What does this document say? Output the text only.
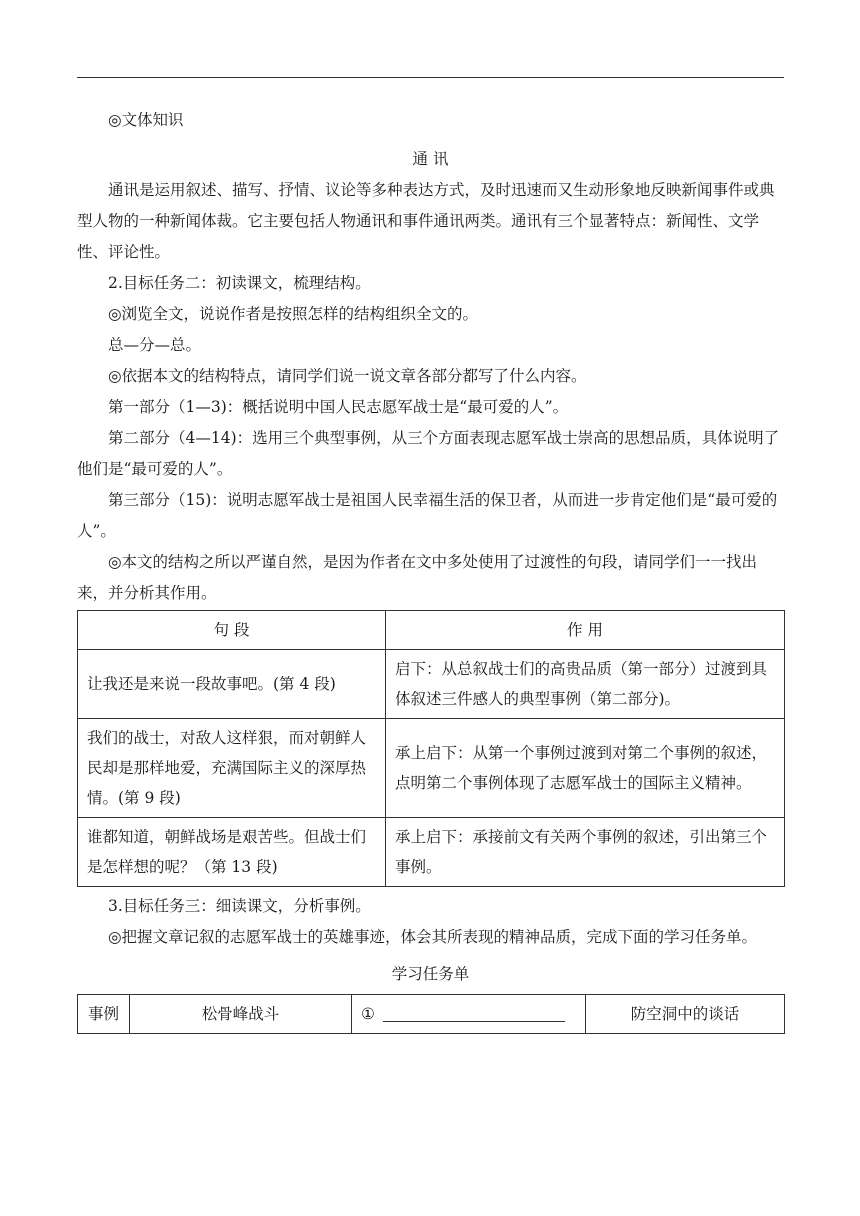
◎文体知识

通 讯

通讯是运用叙述、描写、抒情、议论等多种表达方式，及时迅速而又生动形象地反映新闻事件或典型人物的一种新闻体裁。它主要包括人物通讯和事件通讯两类。通讯有三个显著特点：新闻性、文学性、评论性。

2.目标任务二：初读课文，梳理结构。

◎浏览全文，说说作者是按照怎样的结构组织全文的。

总—分—总。

◎依据本文的结构特点，请同学们说一说文章各部分都写了什么内容。

第一部分（1—3)：概括说明中国人民志愿军战士是“最可爱的人”。

第二部分（4—14)：选用三个典型事例，从三个方面表现志愿军战士崇高的思想品质，具体说明了他们是“最可爱的人”。

第三部分（15)：说明志愿军战士是祖国人民幸福生活的保卫者，从而进一步肯定他们是“最可爱的人”。

◎本文的结构之所以严谨自然，是因为作者在文中多处使用了过渡性的句段，请同学们一一找出来，并分析其作用。

句 段	作 用
让我还是来说一段故事吧。(第 4 段)	启下：从总叙战士们的高贵品质（第一部分）过渡到具体叙述三件感人的典型事例（第二部分)。
我们的战士，对敌人这样狠，而对朝鲜人民却是那样地爱，充满国际主义的深厚热情。(第 9 段)	承上启下：从第一个事例过渡到对第二个事例的叙述，点明第二个事例体现了志愿军战士的国际主义精神。
谁都知道，朝鲜战场是艰苦些。但战士们是怎样想的呢？（第 13 段)	承上启下：承接前文有关两个事例的叙述，引出第三个事例。

3.目标任务三：细读课文，分析事例。

◎把握文章记叙的志愿军战士的英雄事迹，体会其所表现的精神品质，完成下面的学习任务单。

学习任务单

事例	松骨峰战斗	①	防空洞中的谈话
